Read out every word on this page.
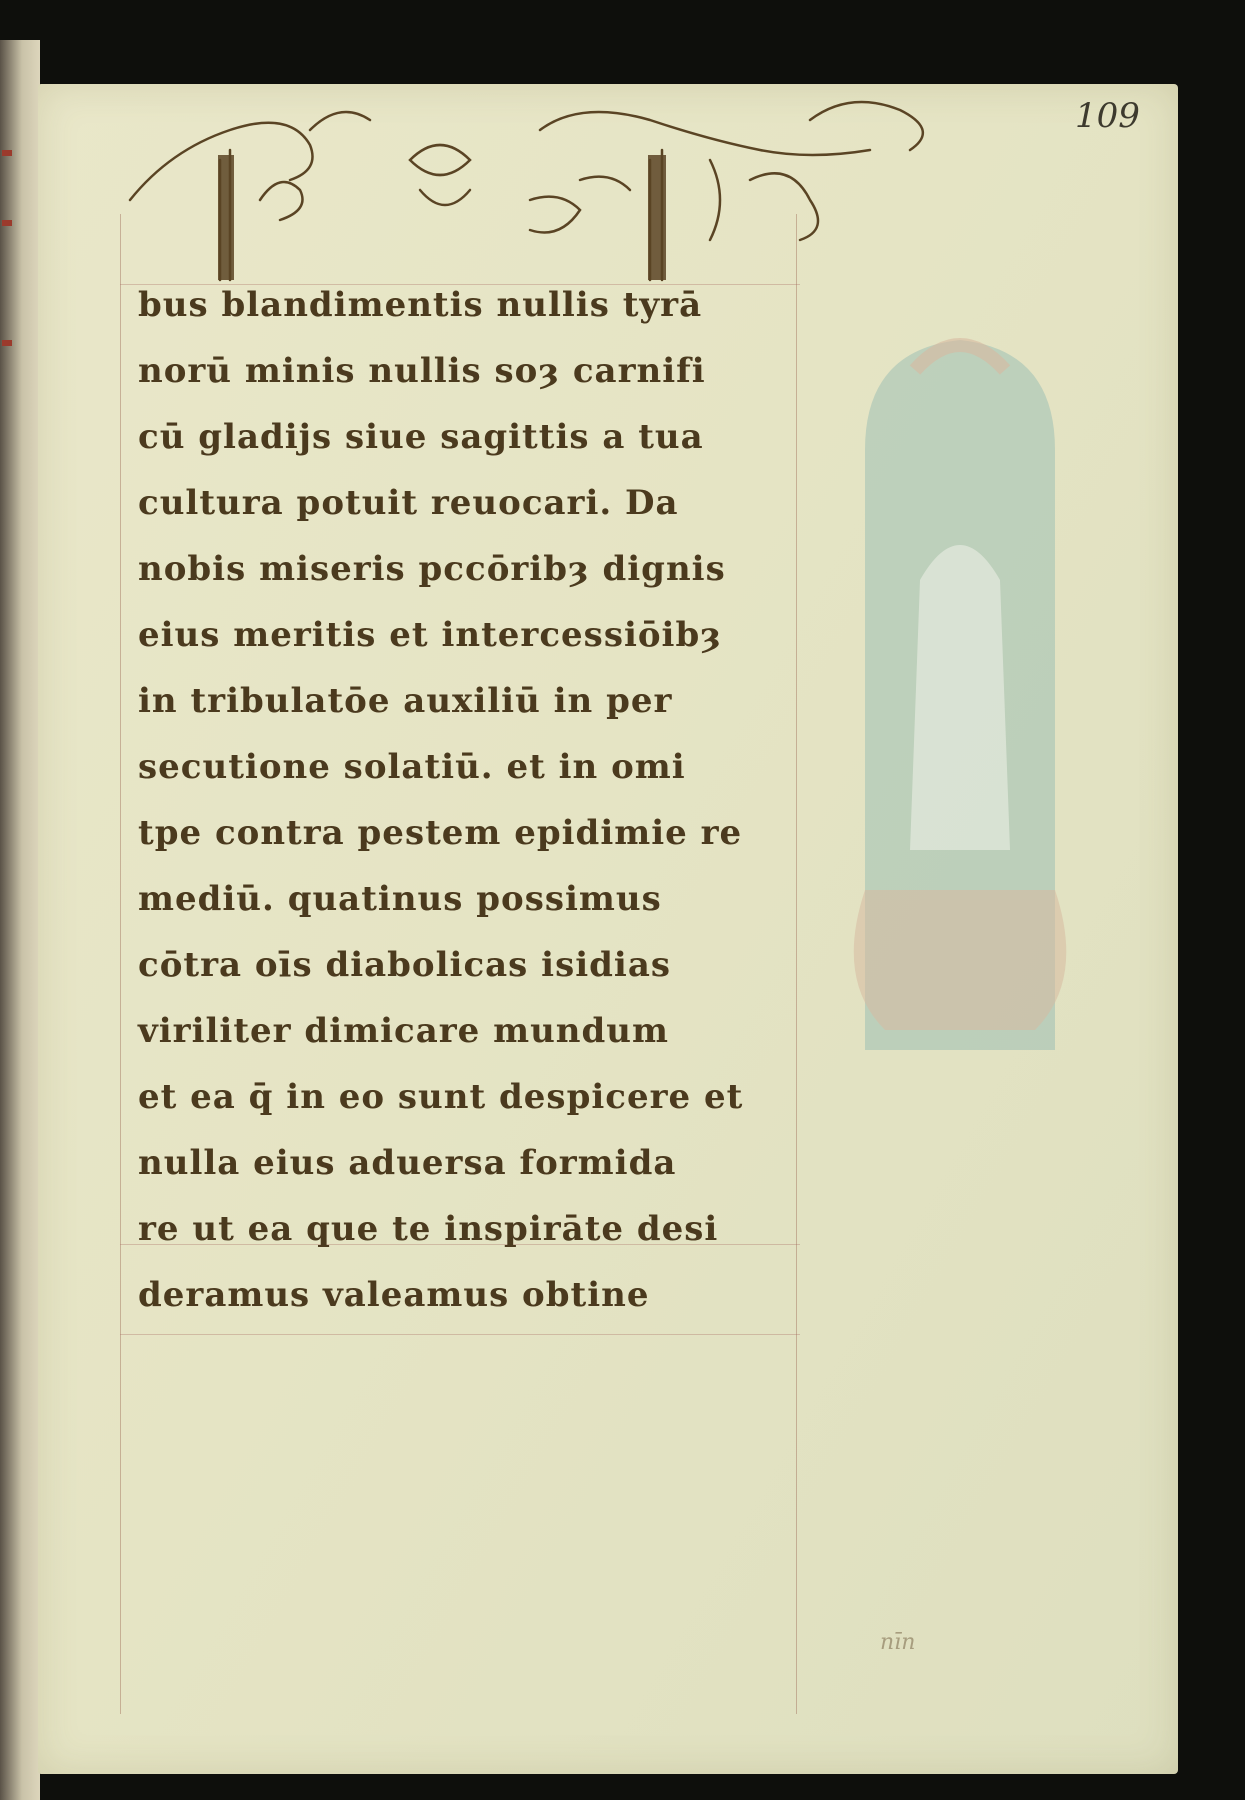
109
bus blandimentis nullis tyrā
norū minis nullis soȝ carnifi
cū gladijs siue sagittis a tua
cultura potuit reuocari. Da
nobis miseris pccōribȝ dignis
eius meritis et intercessiōibȝ
in tribulatōe auxiliū in per
secutione solatiū. et in omi
tpe contra pestem epidimie re
mediū. quatinus possimus
cōtra oīs diabolicas isidias
viriliter dimicare mundum
et ea q̄ in eo sunt despicere et
nulla eius aduersa formida
re ut ea que te inspirāte desi
deramus valeamus obtine
nīn
